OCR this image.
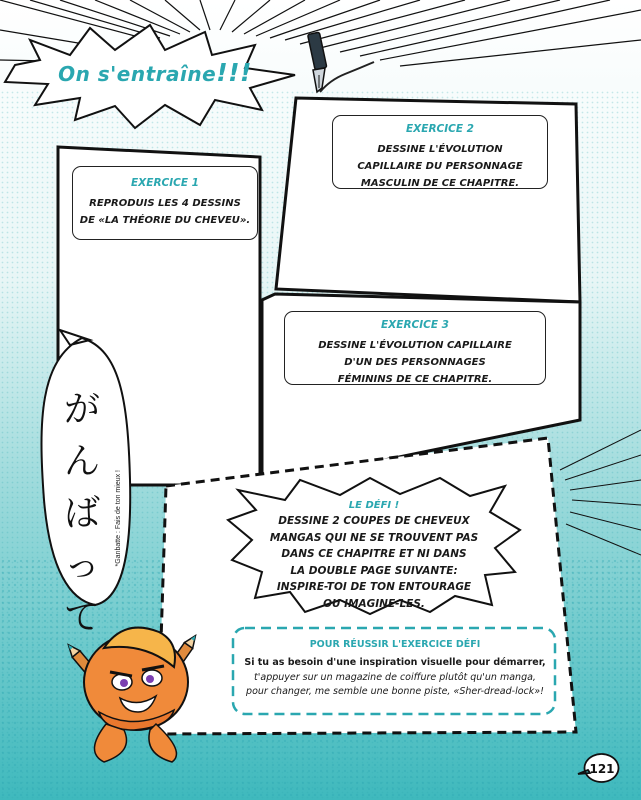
On s'entraîne!!!
EXERCICE 1
REPRODUIS LES 4 DESSINS
DE «LA THÉORIE DU CHEVEU».
EXERCICE 2
DESSINE L'ÉVOLUTION
CAPILLAIRE DU PERSONNAGE
MASCULIN DE CE CHAPITRE.
EXERCICE 3
DESSINE L'ÉVOLUTION CAPILLAIRE
D'UN DES PERSONNAGES
FÉMININS DE CE CHAPITRE.
LE DÉFI !
DESSINE 2 COUPES DE CHEVEUX
MANGAS QUI NE SE TROUVENT PAS
DANS CE CHAPITRE ET NI DANS
LA DOUBLE PAGE SUIVANTE:
INSPIRE-TOI DE TON ENTOURAGE
OU IMAGINE-LES.
POUR RÉUSSIR L'EXERCICE DÉFI
Si tu as besoin d'une inspiration visuelle pour démarrer,
t'appuyer sur un magazine de coiffure plutôt qu'un manga,
pour changer, me semble une bonne piste, «Sher-dread-lock»!
が
ん
ば
っ
て
*Ganbatte : Fais de ton mieux !
121
